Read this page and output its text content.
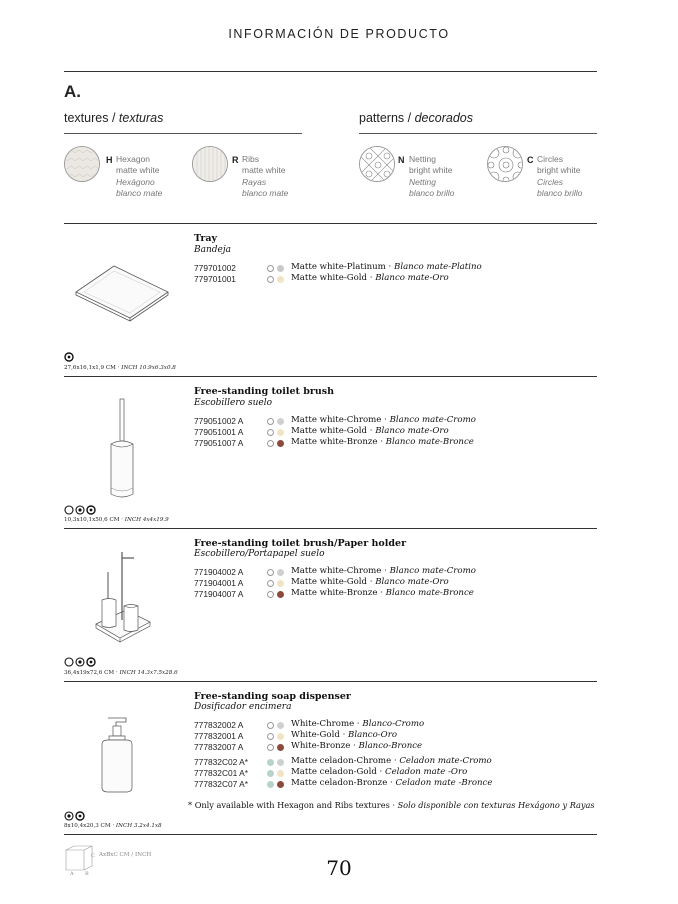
INFORMACIÓN DE PRODUCTO
A.
textures / texturas	patterns / decorados
H Hexagon
matte white
Hexágono
blanco mate
R Ribs
matte white
Rayas
blanco mate
N Netting
bright white
Netting
blanco brillo
C Circles
bright white
Circles
blanco brillo
Tray
Bandeja
779701002	Matte white-Platinum · Blanco mate-Platino
779701001	Matte white-Gold · Blanco mate-Oro
27,6x16,1x1,9 CM · INCH 10.9x6.3x0.8
Free-standing toilet brush
Escobillero suelo
779051002 A	Matte white-Chrome · Blanco mate-Cromo
779051001 A	Matte white-Gold · Blanco mate-Oro
779051007 A	Matte white-Bronze · Blanco mate-Bronce
10,3x10,1x50,6 CM · INCH 4x4x19.9
Free-standing toilet brush/Paper holder
Escobillero/Portapapel suelo
771904002 A	Matte white-Chrome · Blanco mate-Cromo
771904001 A	Matte white-Gold · Blanco mate-Oro
771904007 A	Matte white-Bronze · Blanco mate-Bronce
36,4x19x72,6 CM · INCH 14.3x7.5x28.6
Free-standing soap dispenser
Dosificador encimera
777832002 A	White-Chrome · Blanco-Cromo
777832001 A	White-Gold · Blanco-Oro
777832007 A	White-Bronze · Blanco-Bronce
777832C02 A*	Matte celadon-Chrome · Celadon mate-Cromo
777832C01 A*	Matte celadon-Gold · Celadon mate -Oro
777832C07 A*	Matte celadon-Bronze · Celadon mate -Bronce
* Only available with Hexagon and Ribs textures · Solo disponible con texturas Hexágono y Rayas
8x10,4x20,3 CM · INCH 3.2x4.1x8
C
A B
AxBxC CM / INCH
70
